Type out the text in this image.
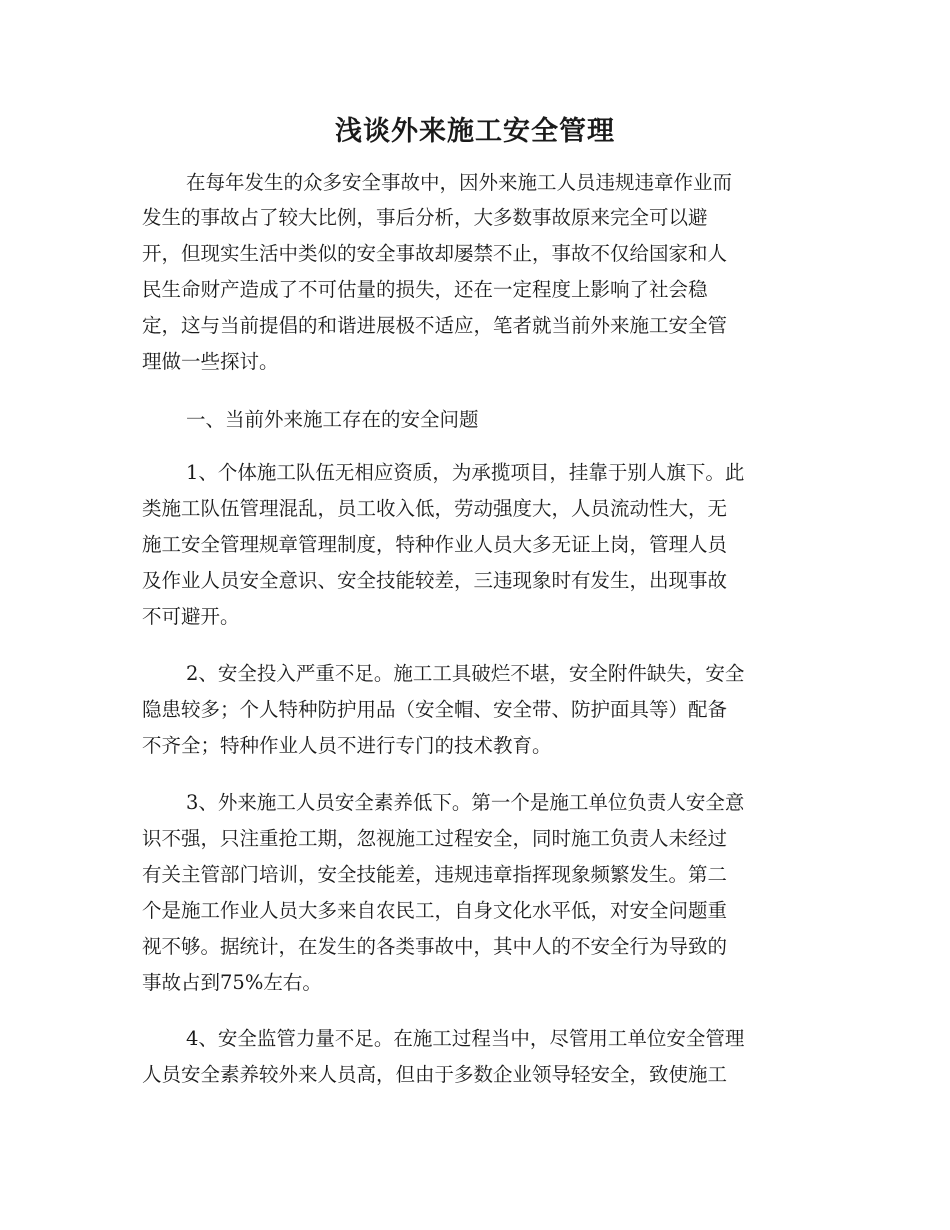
浅谈外来施工安全管理

在每年发生的众多安全事故中，因外来施工人员违规违章作业而

发生的事故占了较大比例，事后分析，大多数事故原来完全可以避

开，但现实生活中类似的安全事故却屡禁不止，事故不仅给国家和人

民生命财产造成了不可估量的损失，还在一定程度上影响了社会稳

定，这与当前提倡的和谐进展极不适应，笔者就当前外来施工安全管

理做一些探讨。

一、当前外来施工存在的安全问题

1、个体施工队伍无相应资质，为承揽项目，挂靠于别人旗下。此

类施工队伍管理混乱，员工收入低，劳动强度大，人员流动性大，无

施工安全管理规章管理制度，特种作业人员大多无证上岗，管理人员

及作业人员安全意识、安全技能较差，三违现象时有发生，出现事故

不可避开。

2、安全投入严重不足。施工工具破烂不堪，安全附件缺失，安全

隐患较多；个人特种防护用品（安全帽、安全带、防护面具等）配备

不齐全；特种作业人员不进行专门的技术教育。

3、外来施工人员安全素养低下。第一个是施工单位负责人安全意

识不强，只注重抢工期，忽视施工过程安全，同时施工负责人未经过

有关主管部门培训，安全技能差，违规违章指挥现象频繁发生。第二

个是施工作业人员大多来自农民工，自身文化水平低，对安全问题重

视不够。据统计，在发生的各类事故中，其中人的不安全行为导致的

事故占到75%左右。

4、安全监管力量不足。在施工过程当中，尽管用工单位安全管理

人员安全素养较外来人员高，但由于多数企业领导轻安全，致使施工
